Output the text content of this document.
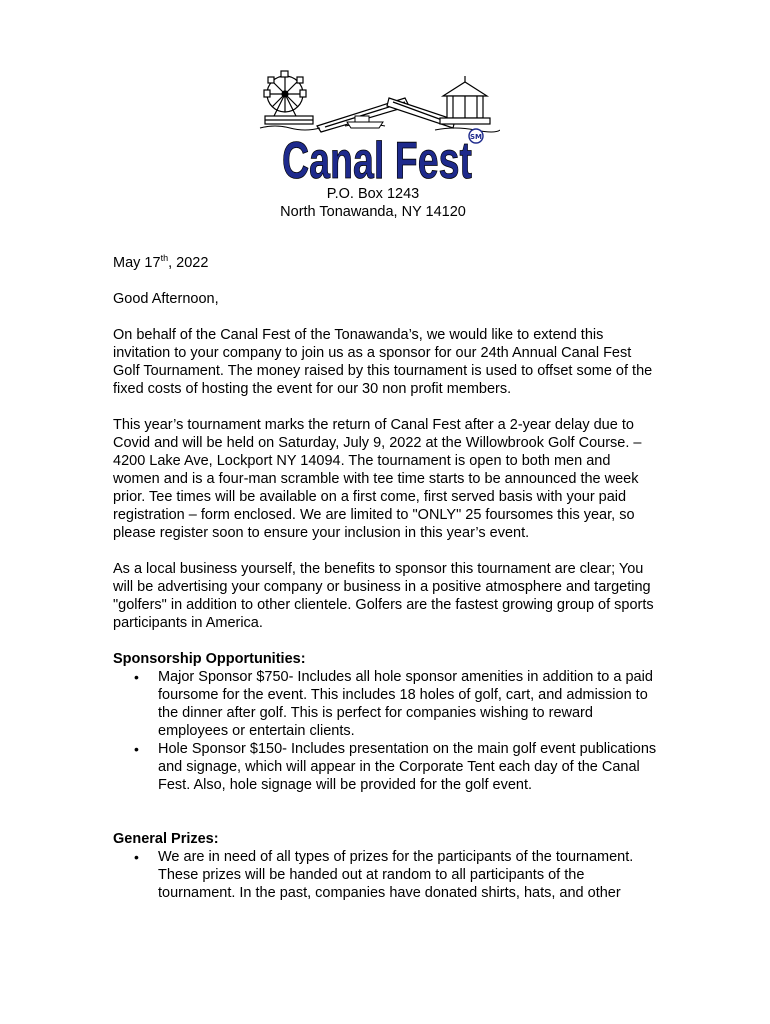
SM
Canal Fest
P.O. Box 1243
North Tonawanda, NY 14120

May 17th, 2022

Good Afternoon,

On behalf of the Canal Fest of the Tonawanda’s, we would like to extend this invitation to your company to join us as a sponsor for our 24th Annual Canal Fest Golf Tournament. The money raised by this tournament is used to offset some of the fixed costs of hosting the event for our 30 non profit members.

This year’s tournament marks the return of Canal Fest after a 2-year delay due to Covid and will be held on Saturday, July 9, 2022 at the Willowbrook Golf Course. – 4200 Lake Ave, Lockport NY 14094. The tournament is open to both men and women and is a four-man scramble with tee time starts to be announced the week prior. Tee times will be available on a first come, first served basis with your paid registration – form enclosed. We are limited to "ONLY" 25 foursomes this year, so please register soon to ensure your inclusion in this year’s event.

As a local business yourself, the benefits to sponsor this tournament are clear; You will be advertising your company or business in a positive atmosphere and targeting "golfers" in addition to other clientele. Golfers are the fastest growing group of sports participants in America.

Sponsorship Opportunities:

• Major Sponsor $750- Includes all hole sponsor amenities in addition to a paid foursome for the event. This includes 18 holes of golf, cart, and admission to the dinner after golf. This is perfect for companies wishing to reward employees or entertain clients.
• Hole Sponsor $150- Includes presentation on the main golf event publications and signage, which will appear in the Corporate Tent each day of the Canal Fest. Also, hole signage will be provided for the golf event.

General Prizes:

• We are in need of all types of prizes for the participants of the tournament. These prizes will be handed out at random to all participants of the tournament. In the past, companies have donated shirts, hats, and other
